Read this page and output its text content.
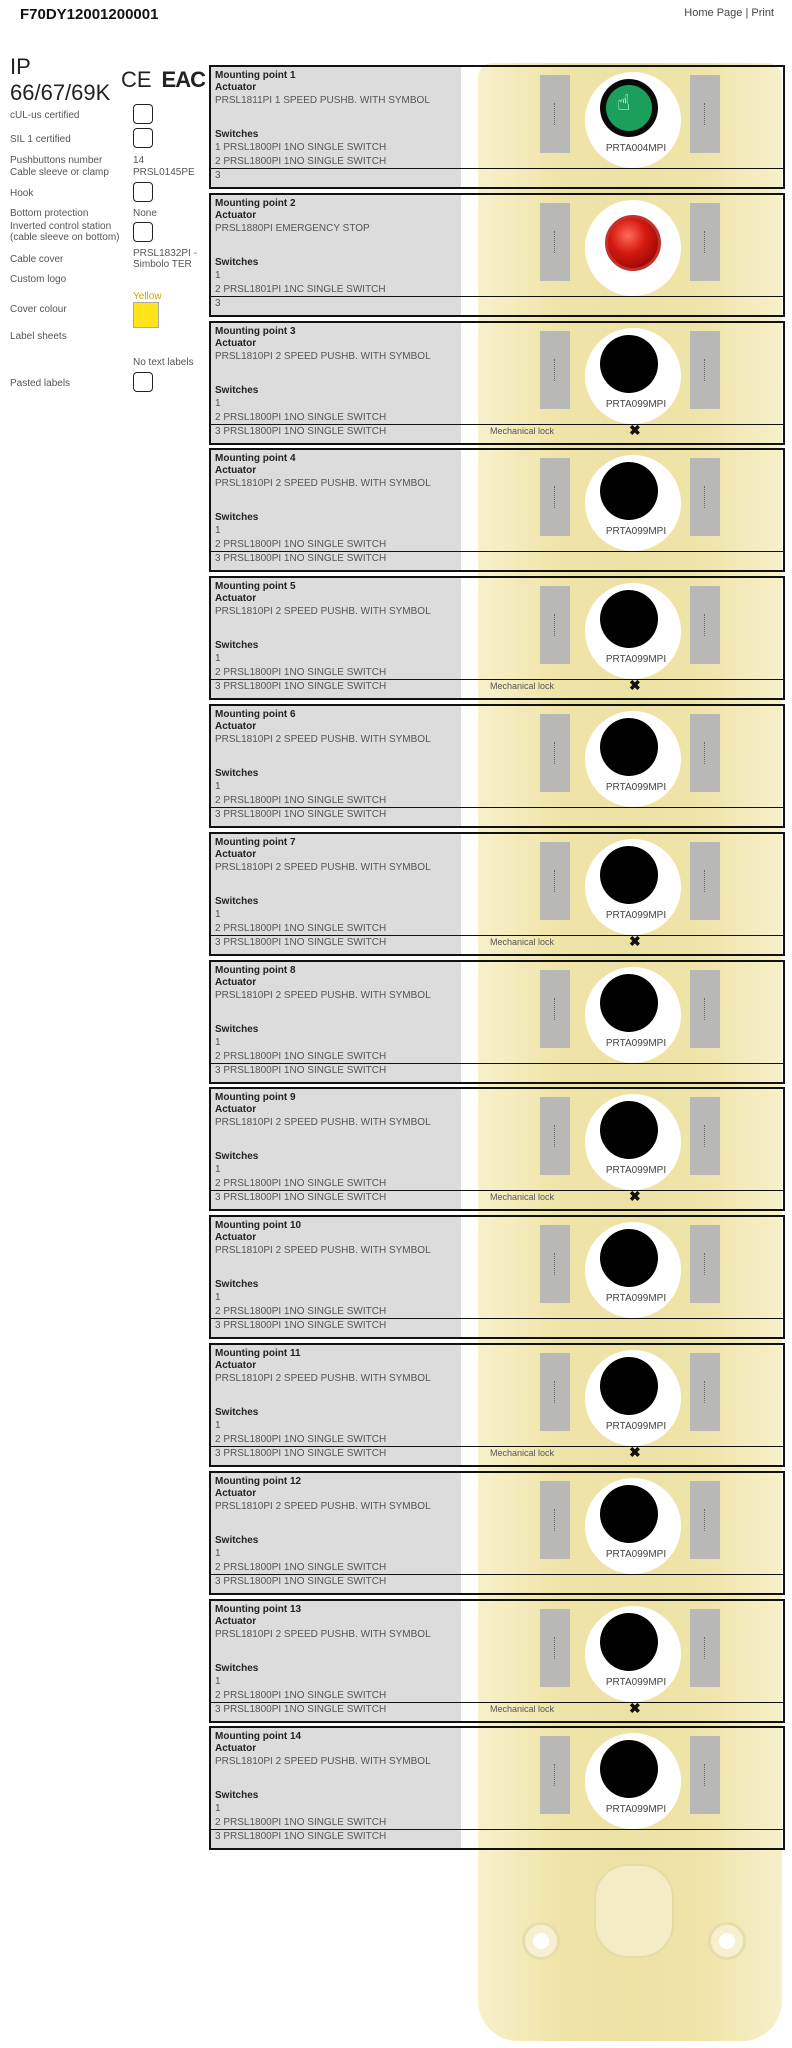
F70DY12001200001	Home Page | Print
IP 66/67/69K
CE EAC
cUL-us certified
SIL 1 certified
Pushbuttons number	14
Cable sleeve or clamp PRSL0145PE
Hook
Bottom protection	None
Inverted control station (cable sleeve on bottom)
Cable cover
PRSL1832PI - Simbolo TER
Custom logo
Yellow
Cover colour
Label sheets
No text labels
Pasted labels
Mounting point 1
Actuator
PRSL1811PI 1 SPEED PUSHB. WITH SYMBOL
Switches
1 PRSL1800PI 1NO SINGLE SWITCH
2 PRSL1800PI 1NO SINGLE SWITCH
3
☝
PRTA004MPI
Mounting point 2
Actuator
PRSL1880PI EMERGENCY STOP
Switches
1
2 PRSL1801PI 1NC SINGLE SWITCH
3
Mounting point 3
Actuator
PRSL1810PI 2 SPEED PUSHB. WITH SYMBOL
Switches
1
2 PRSL1800PI 1NO SINGLE SWITCH
3 PRSL1800PI 1NO SINGLE SWITCH
PRTA099MPI
Mechanical lock	✖
Mounting point 4
Actuator
PRSL1810PI 2 SPEED PUSHB. WITH SYMBOL
Switches
1
2 PRSL1800PI 1NO SINGLE SWITCH
3 PRSL1800PI 1NO SINGLE SWITCH
PRTA099MPI
Mounting point 5
Actuator
PRSL1810PI 2 SPEED PUSHB. WITH SYMBOL
Switches
1
2 PRSL1800PI 1NO SINGLE SWITCH
3 PRSL1800PI 1NO SINGLE SWITCH
PRTA099MPI
Mechanical lock	✖
Mounting point 6
Actuator
PRSL1810PI 2 SPEED PUSHB. WITH SYMBOL
Switches
1
2 PRSL1800PI 1NO SINGLE SWITCH
3 PRSL1800PI 1NO SINGLE SWITCH
PRTA099MPI
Mounting point 7
Actuator
PRSL1810PI 2 SPEED PUSHB. WITH SYMBOL
Switches
1
2 PRSL1800PI 1NO SINGLE SWITCH
3 PRSL1800PI 1NO SINGLE SWITCH
PRTA099MPI
Mechanical lock	✖
Mounting point 8
Actuator
PRSL1810PI 2 SPEED PUSHB. WITH SYMBOL
Switches
1
2 PRSL1800PI 1NO SINGLE SWITCH
3 PRSL1800PI 1NO SINGLE SWITCH
PRTA099MPI
Mounting point 9
Actuator
PRSL1810PI 2 SPEED PUSHB. WITH SYMBOL
Switches
1
2 PRSL1800PI 1NO SINGLE SWITCH
3 PRSL1800PI 1NO SINGLE SWITCH
PRTA099MPI
Mechanical lock	✖
Mounting point 10
Actuator
PRSL1810PI 2 SPEED PUSHB. WITH SYMBOL
Switches
1
2 PRSL1800PI 1NO SINGLE SWITCH
3 PRSL1800PI 1NO SINGLE SWITCH
PRTA099MPI
Mounting point 11
Actuator
PRSL1810PI 2 SPEED PUSHB. WITH SYMBOL
Switches
1
2 PRSL1800PI 1NO SINGLE SWITCH
3 PRSL1800PI 1NO SINGLE SWITCH
PRTA099MPI
Mechanical lock	✖
Mounting point 12
Actuator
PRSL1810PI 2 SPEED PUSHB. WITH SYMBOL
Switches
1
2 PRSL1800PI 1NO SINGLE SWITCH
3 PRSL1800PI 1NO SINGLE SWITCH
PRTA099MPI
Mounting point 13
Actuator
PRSL1810PI 2 SPEED PUSHB. WITH SYMBOL
Switches
1
2 PRSL1800PI 1NO SINGLE SWITCH
3 PRSL1800PI 1NO SINGLE SWITCH
PRTA099MPI
Mechanical lock	✖
Mounting point 14
Actuator
PRSL1810PI 2 SPEED PUSHB. WITH SYMBOL
Switches
1
2 PRSL1800PI 1NO SINGLE SWITCH
3 PRSL1800PI 1NO SINGLE SWITCH
PRTA099MPI
